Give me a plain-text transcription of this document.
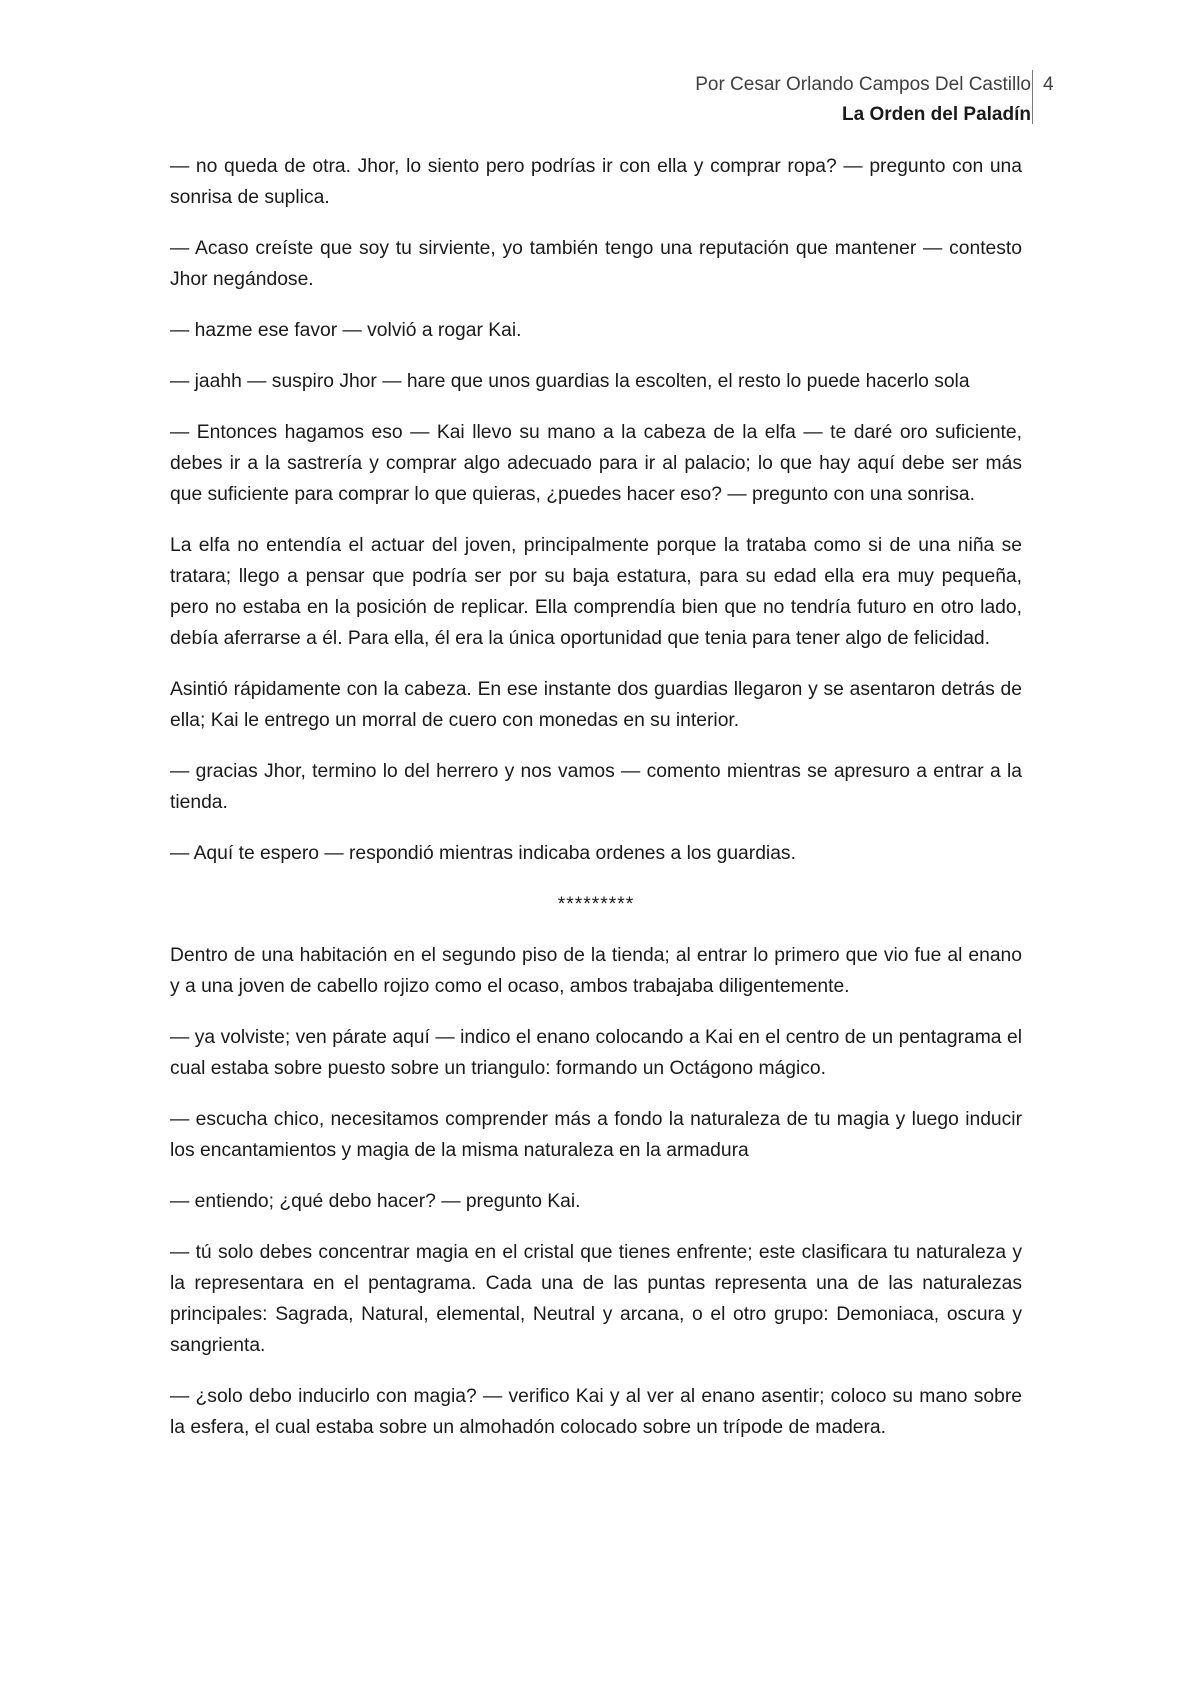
Por Cesar Orlando Campos Del Castillo
La Orden del Paladín
4

— no queda de otra. Jhor, lo siento pero podrías ir con ella y comprar ropa? — pregunto con una sonrisa de suplica.

— Acaso creíste que soy tu sirviente, yo también tengo una reputación que mantener — contesto Jhor negándose.

— hazme ese favor — volvió a rogar Kai.

— jaahh — suspiro Jhor — hare que unos guardias la escolten, el resto lo puede hacerlo sola

— Entonces hagamos eso — Kai llevo su mano a la cabeza de la elfa — te daré oro suficiente, debes ir a la sastrería y comprar algo adecuado para ir al palacio; lo que hay aquí debe ser más que suficiente para comprar lo que quieras, ¿puedes hacer eso? — pregunto con una sonrisa.

La elfa no entendía el actuar del joven, principalmente porque la trataba como si de una niña se tratara; llego a pensar que podría ser por su baja estatura, para su edad ella era muy pequeña, pero no estaba en la posición de replicar. Ella comprendía bien que no tendría futuro en otro lado, debía aferrarse a él. Para ella, él era la única oportunidad que tenia para tener algo de felicidad.

Asintió rápidamente con la cabeza. En ese instante dos guardias llegaron y se asentaron detrás de ella; Kai le entrego un morral de cuero con monedas en su interior.

— gracias Jhor, termino lo del herrero y nos vamos — comento mientras se apresuro a entrar a la tienda.

— Aquí te espero — respondió mientras indicaba ordenes a los guardias.

*********

Dentro de una habitación en el segundo piso de la tienda; al entrar lo primero que vio fue al enano y a una joven de cabello rojizo como el ocaso, ambos trabajaba diligentemente.

— ya volviste; ven párate aquí — indico el enano colocando a Kai en el centro de un pentagrama el cual estaba sobre puesto sobre un triangulo: formando un Octágono mágico.

— escucha chico, necesitamos comprender más a fondo la naturaleza de tu magia y luego inducir los encantamientos y magia de la misma naturaleza en la armadura

— entiendo; ¿qué debo hacer? — pregunto Kai.

— tú solo debes concentrar magia en el cristal que tienes enfrente; este clasificara tu naturaleza y la representara en el pentagrama. Cada una de las puntas representa una de las naturalezas principales: Sagrada, Natural, elemental, Neutral y arcana, o el otro grupo: Demoniaca, oscura y sangrienta.

— ¿solo debo inducirlo con magia? — verifico Kai y al ver al enano asentir; coloco su mano sobre la esfera, el cual estaba sobre un almohadón colocado sobre un trípode de madera.
